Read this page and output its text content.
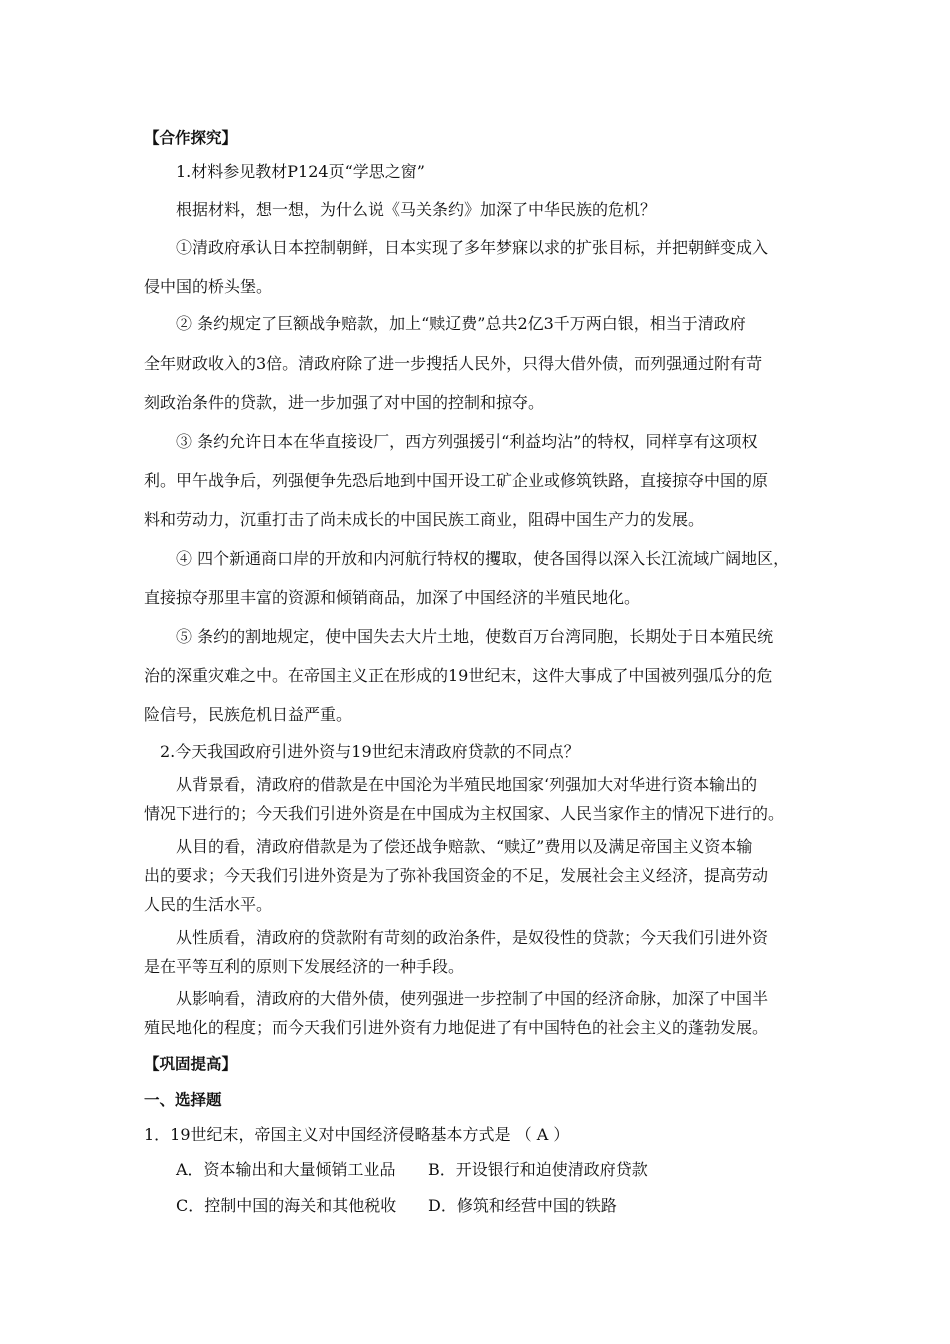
【合作探究】
1.材料参见教材P124页“学思之窗”
根据材料，想一想，为什么说《马关条约》加深了中华民族的危机？
①清政府承认日本控制朝鲜，日本实现了多年梦寐以求的扩张目标，并把朝鲜变成入
侵中国的桥头堡。
② 条约规定了巨额战争赔款，加上“赎辽费”总共2亿3千万两白银，相当于清政府
全年财政收入的3倍。清政府除了进一步搜括人民外，只得大借外债，而列强通过附有苛
刻政治条件的贷款，进一步加强了对中国的控制和掠夺。
③ 条约允许日本在华直接设厂，西方列强援引“利益均沾”的特权，同样享有这项权
利。甲午战争后，列强便争先恐后地到中国开设工矿企业或修筑铁路，直接掠夺中国的原
料和劳动力，沉重打击了尚未成长的中国民族工商业，阻碍中国生产力的发展。
④ 四个新通商口岸的开放和内河航行特权的攫取，使各国得以深入长江流域广阔地区，
直接掠夺那里丰富的资源和倾销商品，加深了中国经济的半殖民地化。
⑤ 条约的割地规定，使中国失去大片土地，使数百万台湾同胞，长期处于日本殖民统
治的深重灾难之中。在帝国主义正在形成的19世纪末，这件大事成了中国被列强瓜分的危
险信号，民族危机日益严重。
2.今天我国政府引进外资与19世纪末清政府贷款的不同点？
从背景看，清政府的借款是在中国沦为半殖民地国家‘列强加大对华进行资本输出的
情况下进行的；今天我们引进外资是在中国成为主权国家、人民当家作主的情况下进行的。
从目的看，清政府借款是为了偿还战争赔款、“赎辽”费用以及满足帝国主义资本输
出的要求；今天我们引进外资是为了弥补我国资金的不足，发展社会主义经济，提高劳动
人民的生活水平。
从性质看，清政府的贷款附有苛刻的政治条件，是奴役性的贷款；今天我们引进外资
是在平等互利的原则下发展经济的一种手段。
从影响看，清政府的大借外债，使列强进一步控制了中国的经济命脉，加深了中国半
殖民地化的程度；而今天我们引进外资有力地促进了有中国特色的社会主义的蓬勃发展。
【巩固提高】
一、选择题
1．19世纪末，帝国主义对中国经济侵略基本方式是 （ A ）
A．资本输出和大量倾销工业品 B．开设银行和迫使清政府贷款
C．控制中国的海关和其他税收 D．修筑和经营中国的铁路
